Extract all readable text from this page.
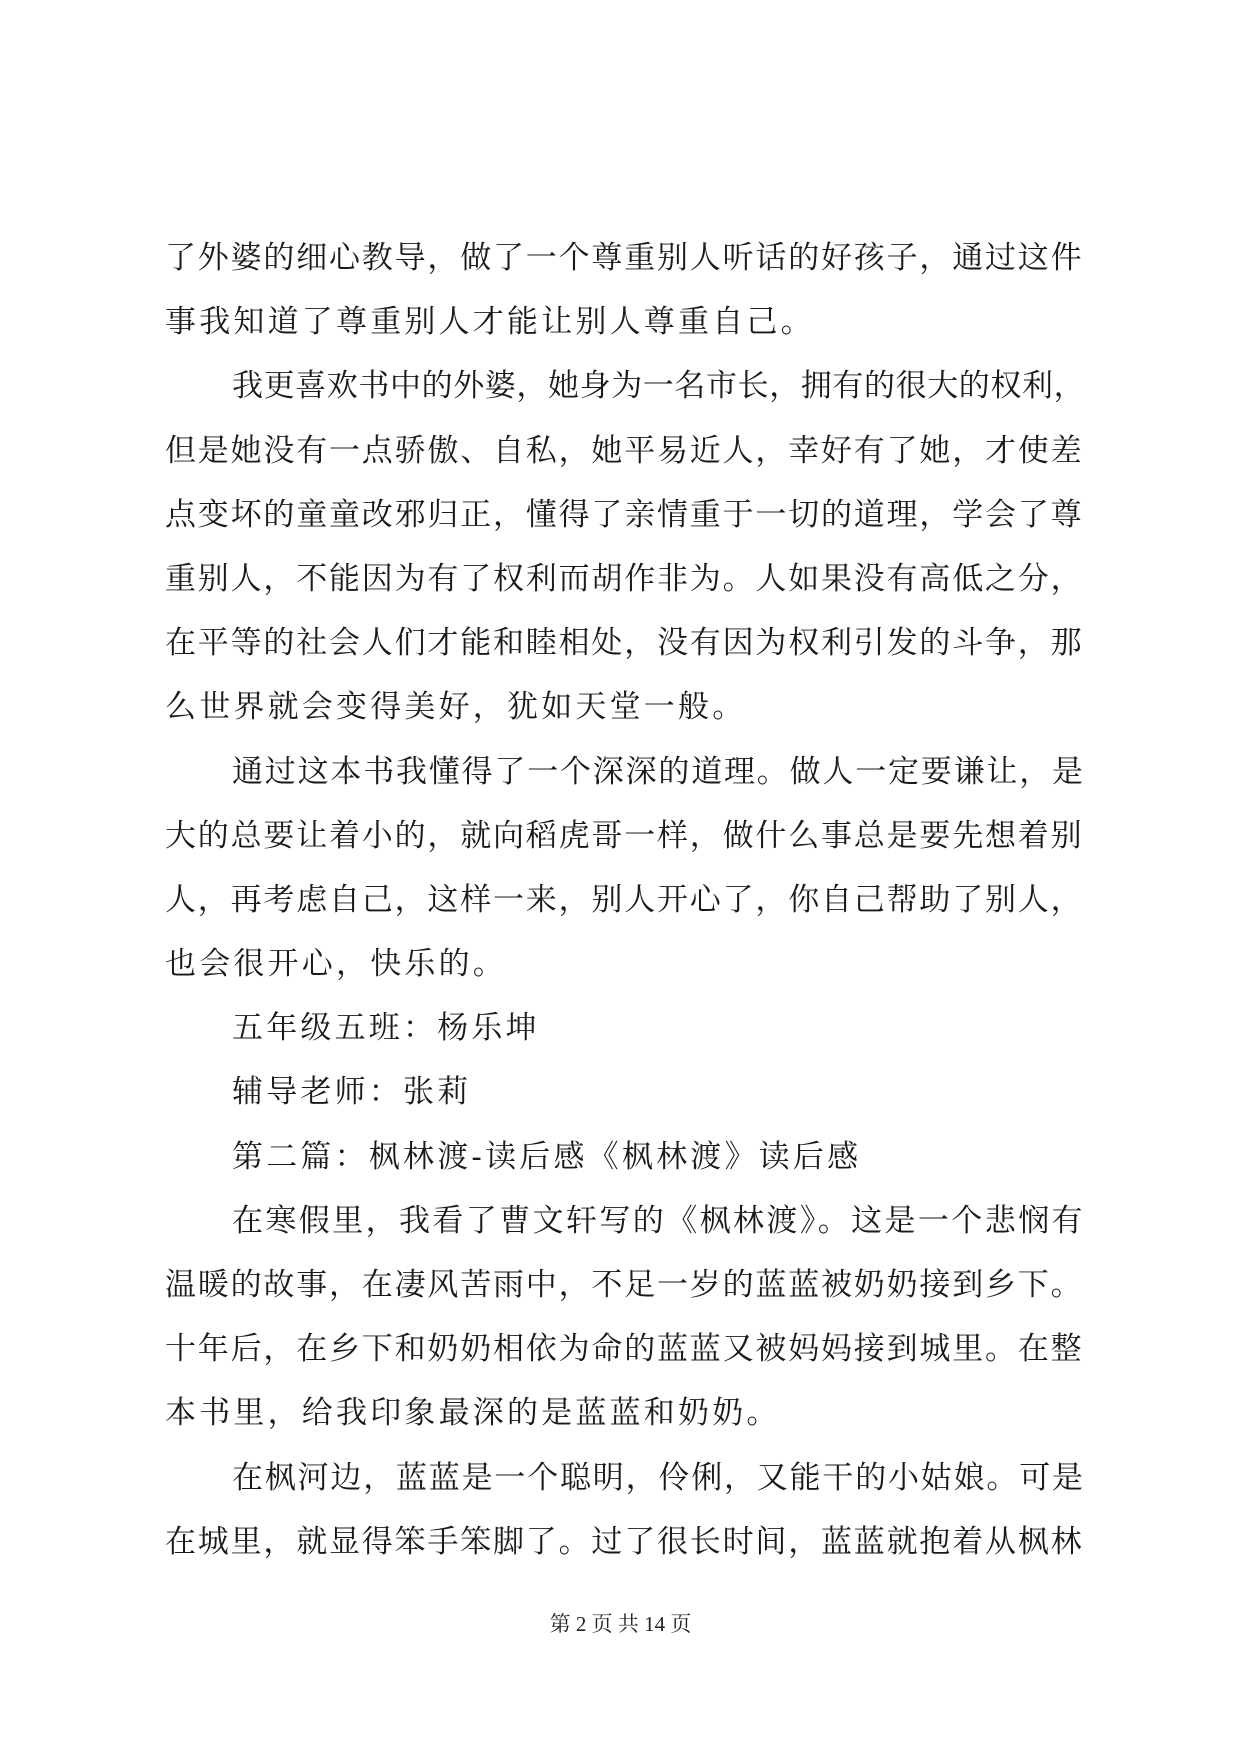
了外婆的细心教导，做了一个尊重别人听话的好孩子，通过这件
事我知道了尊重别人才能让别人尊重自己。
我更喜欢书中的外婆，她身为一名市长，拥有的很大的权利，
但是她没有一点骄傲、自私，她平易近人，幸好有了她，才使差
点变坏的童童改邪归正，懂得了亲情重于一切的道理，学会了尊
重别人，不能因为有了权利而胡作非为。人如果没有高低之分，
在平等的社会人们才能和睦相处，没有因为权利引发的斗争，那
么世界就会变得美好，犹如天堂一般。
通过这本书我懂得了一个深深的道理。做人一定要谦让，是
大的总要让着小的，就向稻虎哥一样，做什么事总是要先想着别
人，再考虑自己，这样一来，别人开心了，你自己帮助了别人，
也会很开心，快乐的。
五年级五班：杨乐坤
辅导老师：张莉
第二篇：枫林渡-读后感《枫林渡》读后感
在寒假里，我看了曹文轩写的《枫林渡》。这是一个悲悯有
温暖的故事，在凄风苦雨中，不足一岁的蓝蓝被奶奶接到乡下。
十年后，在乡下和奶奶相依为命的蓝蓝又被妈妈接到城里。在整
本书里，给我印象最深的是蓝蓝和奶奶。
在枫河边，蓝蓝是一个聪明，伶俐，又能干的小姑娘。可是
在城里，就显得笨手笨脚了。过了很长时间，蓝蓝就抱着从枫林
第 2 页 共 14 页
